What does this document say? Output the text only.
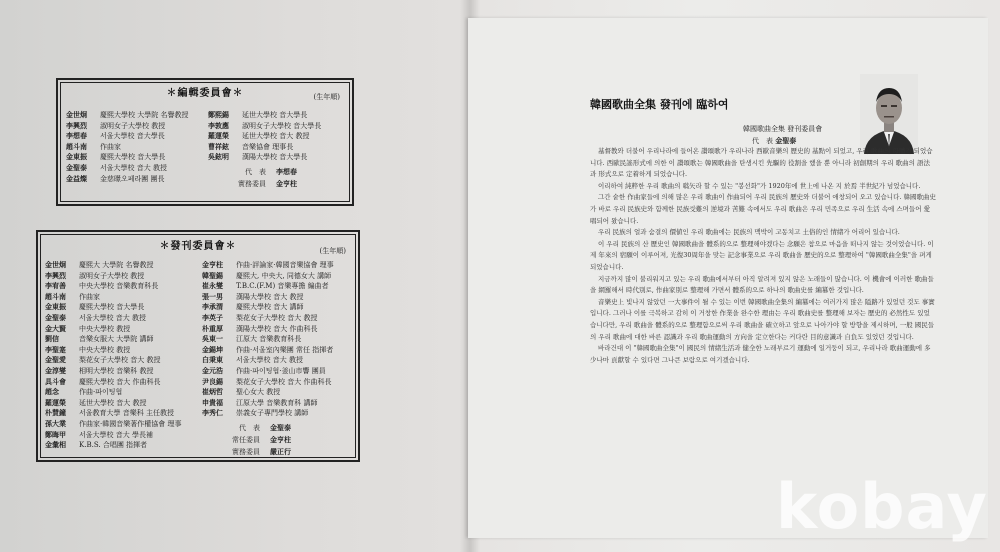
✽編輯委員會✽	(生年順)
金世炯	慶熙大學校 大學院 名譽教授
李興烈	淑明女子大學校 教授
李想春	서울大學校 音大學長
趙斗南	作曲家
金東振	慶熙大學校 音大學長
金聖泰	서울大學校 音大 教授
金益燦	金慈暻오페라團 團長
鄭熙錫	延世大學校 音大學長
李敦應	淑明女子大學校 音大學長
羅運榮	延世大學校 音大 教授
曹祥鉉	音樂協會 理事長
吳鉉明	漢陽大學校 音大學長
代　表 李想春
實務委員 金亨柱
✽發刊委員會✽	(生年順)
金世炯	慶熙大 大學院 名譽教授
李興烈	淑明女子大學校 教授
李宥善	中央大學校 音樂教育科長
趙斗南	作曲家
金東振	慶熙大學校 音大學長
金聖泰	서울大學校 音大 教授
金大賢	中央大學校 教授
劉信	音樂女服大 大學院 講師
李聖寔	中央大學校 教授
金聖愛	梨花女子大學校 音大 教授
金淳燮	相明大學校 音樂科 教授
具斗會	慶熙大學校 音大 作曲科長
趙念	作曲·파이팅협
羅運榮	延世大學校 音大 教授
朴賛鐘	서울教育大學 音樂科 主任教授
孫大業	作曲家·韓國音樂著作權協會 理事
鄭晦甲	서울大學校 音大 學長補
金彙相	K.B.S. 合唱團 指揮者
金亨柱	作曲·評論家·韓國音樂協會 理事
韓聖錫	慶熙大, 中央大, 同德女大 講師
崔永燮	T.B.C.(F.M) 音樂專擔 編曲者
張一男	漢陽大學校 音大 教授
李承渭	慶熙大學校 音大 講師
李英子	梨花女子大學校 音大 教授
朴重厚	漢陽大學校 音大 作曲科長
吳東一	江原大 音樂教育科長
金錫坤	作曲·서울室內樂團 常任 指揮者
白秉東	서울大學校 音大 教授
金元浩	作曲·파이팅협·釜山市響 團員
尹良錫	梨花女子大學校 音大 作曲科長
崔炳哲	聖心女大 教授
申貴福	江原大學 音樂教育科 講師
李秀仁	崇義女子專門學校 講師
代　表 金聖泰
常任委員 金亨柱
實務委員 嚴正行
韓國歌曲全集 發刊에 臨하여
韓國歌曲全集 發刊委員會
代　表 金聖泰

基督教와 더불어 우리나라에 들어온 讚頌歌가 우리나라 西歐音樂의 歷史的 基點이 되었고, 우리 歌曲의 母體가 되었습니다. 西歐民謠形式에 의한 이 讚頌歌는 韓國歌曲을 탄생시킨 先驅的 役割을 했을 뿐 아니라 初創期의 우리 歌曲의 語法과 形式으로 定着하게 되었습니다.

이리하여 純粹한 우리 歌曲의 嚆矢라 할 수 있는 "봉선화"가 1920年에 世上에 나온 지 於焉 半世紀가 넘었습니다.

그간 숱한 作曲家들에 의해 많은 우리 歌曲이 作曲되어 우리 民族의 歷史와 더불어 애창되어 오고 있습니다. 韓國歌曲史가 바로 우리 民族史와 함께한 民族受難의 逆境과 苦難 속에서도 우리 歌曲은 우리 민족으로 우리 生活 속에 스며들어 愛唱되어 왔습니다.

우리 民族의 얼과 숨결의 價値인 우리 歌曲에는 民族의 맥박이 고동치고 土俗的인 情緖가 어리어 있습니다.

이 우리 民族의 산 歷史인 韓國歌曲을 體系的으로 整理해야겠다는 念願은 참으로 마음을 떠나지 않는 것이었습니다. 이제 年來의 宿願이 이루어져, 光復30周年을 맞는 記念事業으로 우리 歌曲을 歷史的으로 整理하여 "韓國歌曲全集"을 펴게 되었습니다.

지금까지 많이 불리워지고 있는 우리 歌曲에서부터 아직 알려져 있지 않은 노래들이 많습니다. 이 機會에 이러한 歌曲들을 網羅해서 時代別로, 作曲家別로 整理해 가면서 體系的으로 하나의 歌曲史를 編纂한 것입니다.

音樂史上 빛나지 않았던 一大事件이 될 수 있는 이번 韓國歌曲全集의 編纂에는 여러가지 많은 隘路가 있었던 것도 事實입니다. 그러나 이를 극복하고 감히 이 거창한 作業을 완수한 理由는 우리 歌曲史를 整理해 보자는 歷史的 必然性도 있었습니다만, 우리 歌曲을 體系的으로 整理함으로써 우리 歌曲을 確立하고 앞으로 나아가야 할 방향을 제시하며, 一般 國民들의 우리 歌曲에 대한 바른 認識과 우리 歌曲運動의 方向을 定立한다는 커다란 目的意識과 自負도 있었던 것입니다.

바라건대 이 "韓國歌曲全集"이 國民의 情緖生活과 健全한 노래부르기 運動에 일거둥이 되고, 우리나라 歌曲運動에 多少나마 貢獻할 수 있다면 그나큰 보람으로 여기겠습니다.

kobay
